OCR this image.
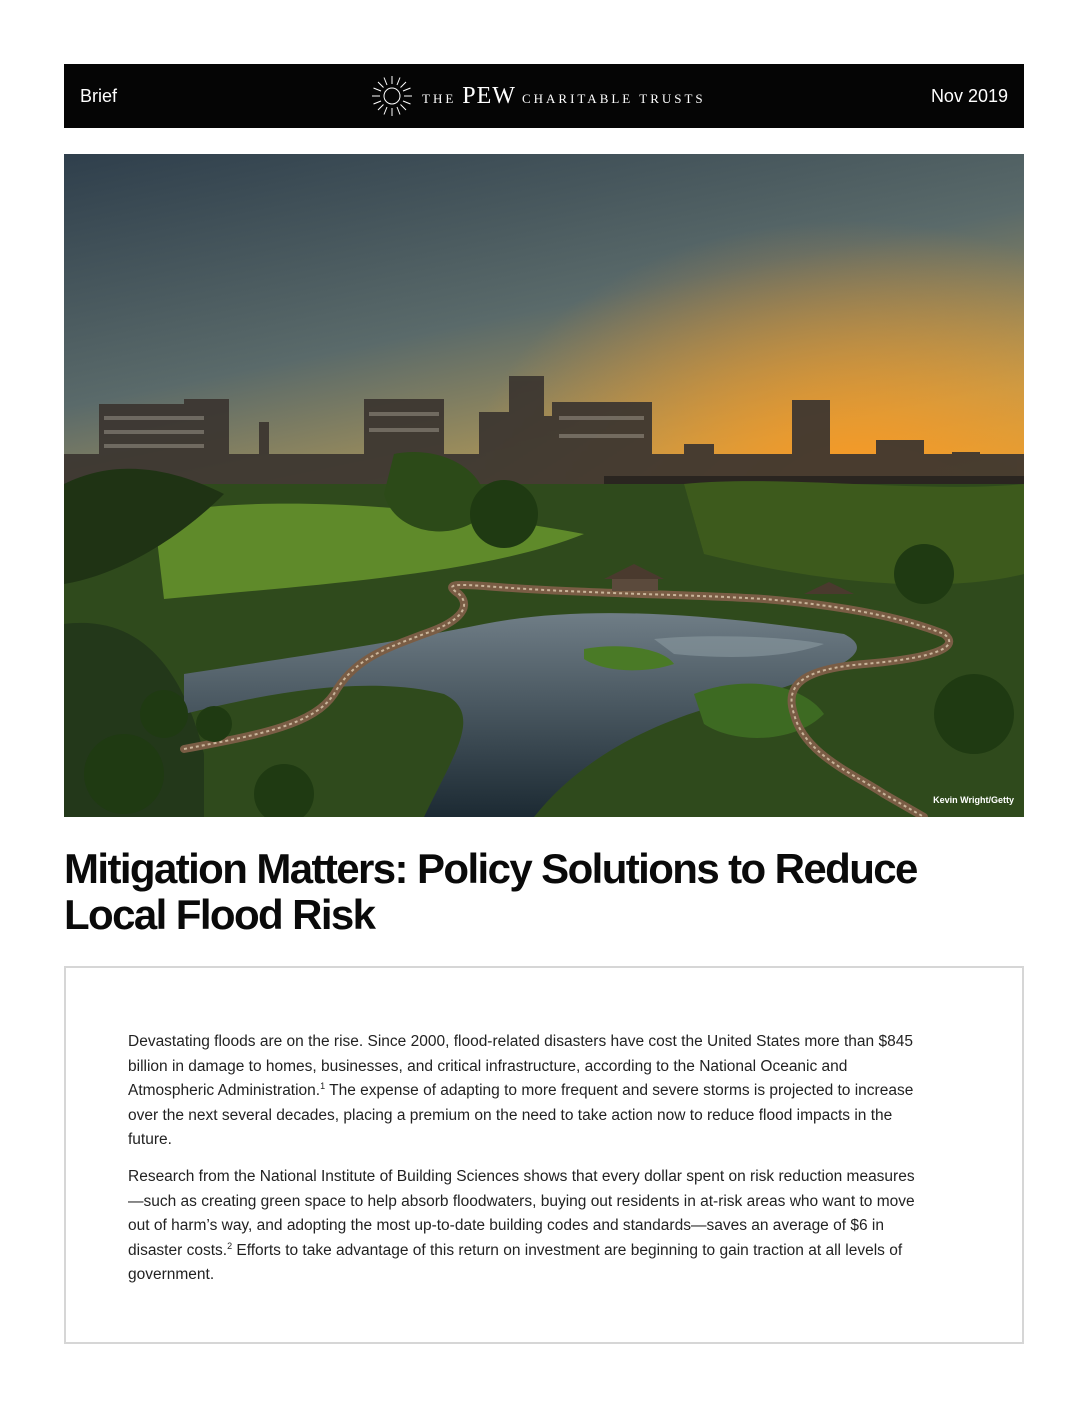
Brief	THE PEW CHARITABLE TRUSTS	Nov 2019
Kevin Wright/Getty
Mitigation Matters: Policy Solutions to Reduce Local Flood Risk

Devastating floods are on the rise. Since 2000, flood-related disasters have cost the United States more than $845 billion in damage to homes, businesses, and critical infrastructure, according to the National Oceanic and Atmospheric Administration.$^1$ The expense of adapting to more frequent and severe storms is projected to increase over the next several decades, placing a premium on the need to take action now to reduce flood impacts in the future.

Research from the National Institute of Building Sciences shows that every dollar spent on risk reduction measures—such as creating green space to help absorb floodwaters, buying out residents in at-risk areas who want to move out of harm’s way, and adopting the most up-to-date building codes and standards—saves an average of $6 in disaster costs.$^2$ Efforts to take advantage of this return on investment are beginning to gain traction at all levels of government.
